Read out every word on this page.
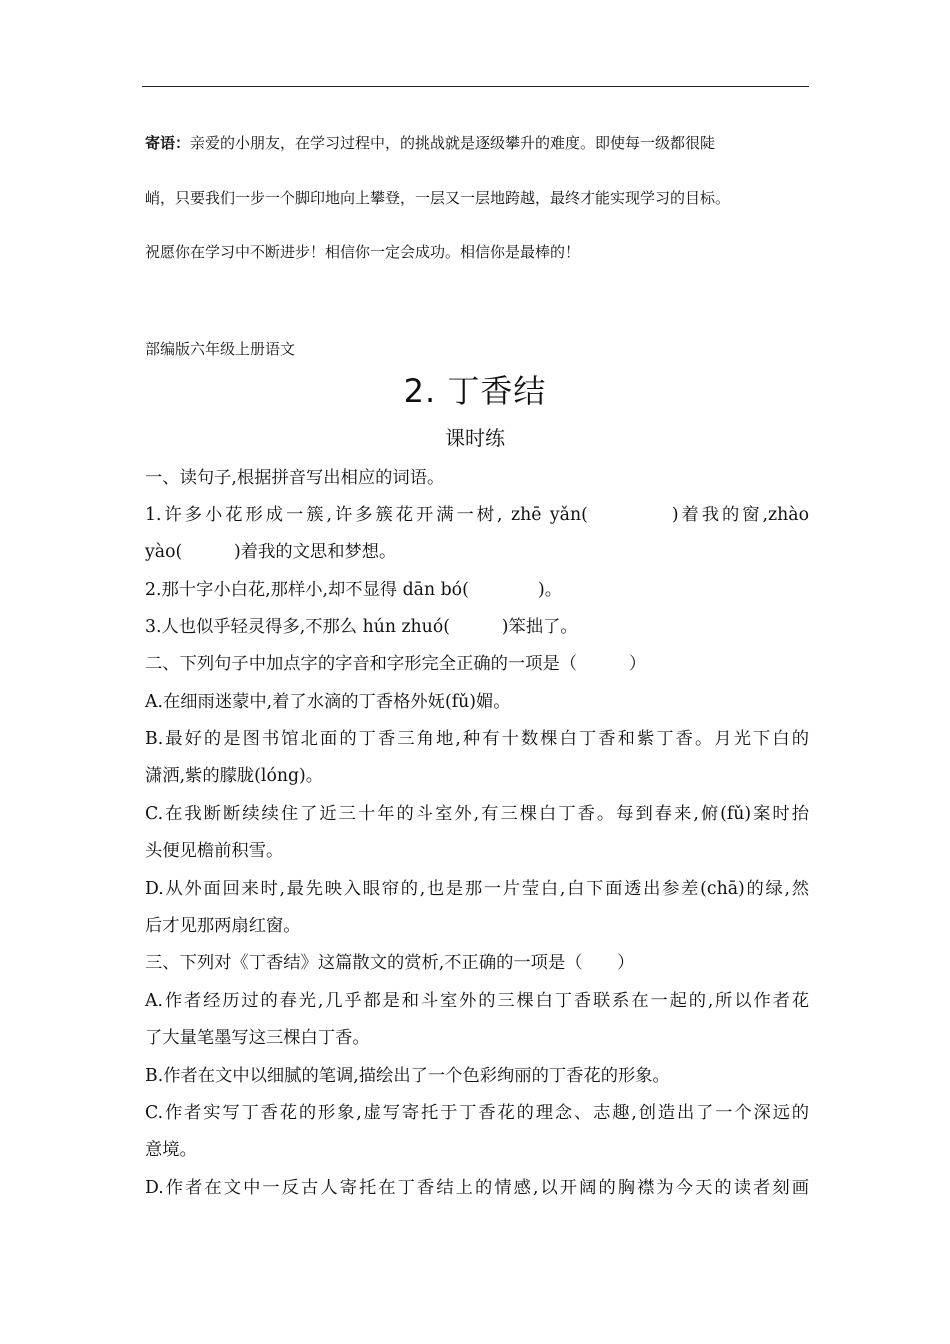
寄语：亲爱的小朋友，在学习过程中，的挑战就是逐级攀升的难度。即使每一级都很陡
峭，只要我们一步一个脚印地向上攀登，一层又一层地跨越，最终才能实现学习的目标。
祝愿你在学习中不断进步！相信你一定会成功。相信你是最棒的！
部编版六年级上册语文
2. 丁香结
课时练
一、读句子,根据拼音写出相应的词语。
1.许多小花形成一簇,许多簇花开满一树, zhē yǎn(　　　　)着我的窗,zhào
yào(　　　)着我的文思和梦想。
2.那十字小白花,那样小,却不显得 dān bó(　　　　)。
3.人也似乎轻灵得多,不那么 hún zhuó(　　　)笨拙了。
二、下列句子中加点字的字音和字形完全正确的一项是（　　　）
A.在细雨迷蒙中,着了水滴的丁香格外妩(fǔ)媚。
B.最好的是图书馆北面的丁香三角地,种有十数棵白丁香和紫丁香。月光下白的
潇洒,紫的朦胧(lóng)。
C.在我断断续续住了近三十年的斗室外,有三棵白丁香。每到春来,俯(fǔ)案时抬
头便见檐前积雪。
D.从外面回来时,最先映入眼帘的,也是那一片莹白,白下面透出参差(chā)的绿,然
后才见那两扇红窗。
三、下列对《丁香结》这篇散文的赏析,不正确的一项是（　　）
A.作者经历过的春光,几乎都是和斗室外的三棵白丁香联系在一起的,所以作者花
了大量笔墨写这三棵白丁香。
B.作者在文中以细腻的笔调,描绘出了一个色彩绚丽的丁香花的形象。
C.作者实写丁香花的形象,虚写寄托于丁香花的理念、志趣,创造出了一个深远的
意境。
D.作者在文中一反古人寄托在丁香结上的情感,以开阔的胸襟为今天的读者刻画
